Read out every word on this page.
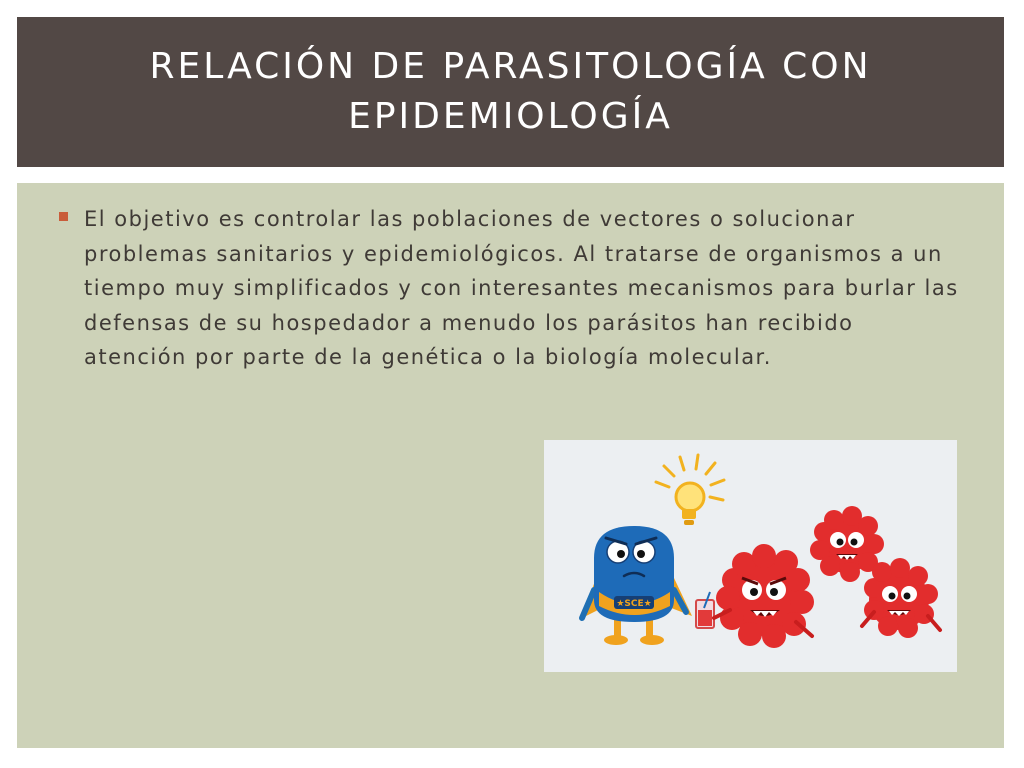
RELACIÓN DE PARASITOLOGÍA CON EPIDEMIOLOGÍA
El objetivo es controlar las poblaciones de vectores o solucionar problemas sanitarios y epidemiológicos. Al tratarse de organismos a un tiempo muy simplificados y con interesantes mecanismos para burlar las defensas de su hospedador a menudo los parásitos han recibido atención por parte de la genética o la biología molecular.
★SCE★
